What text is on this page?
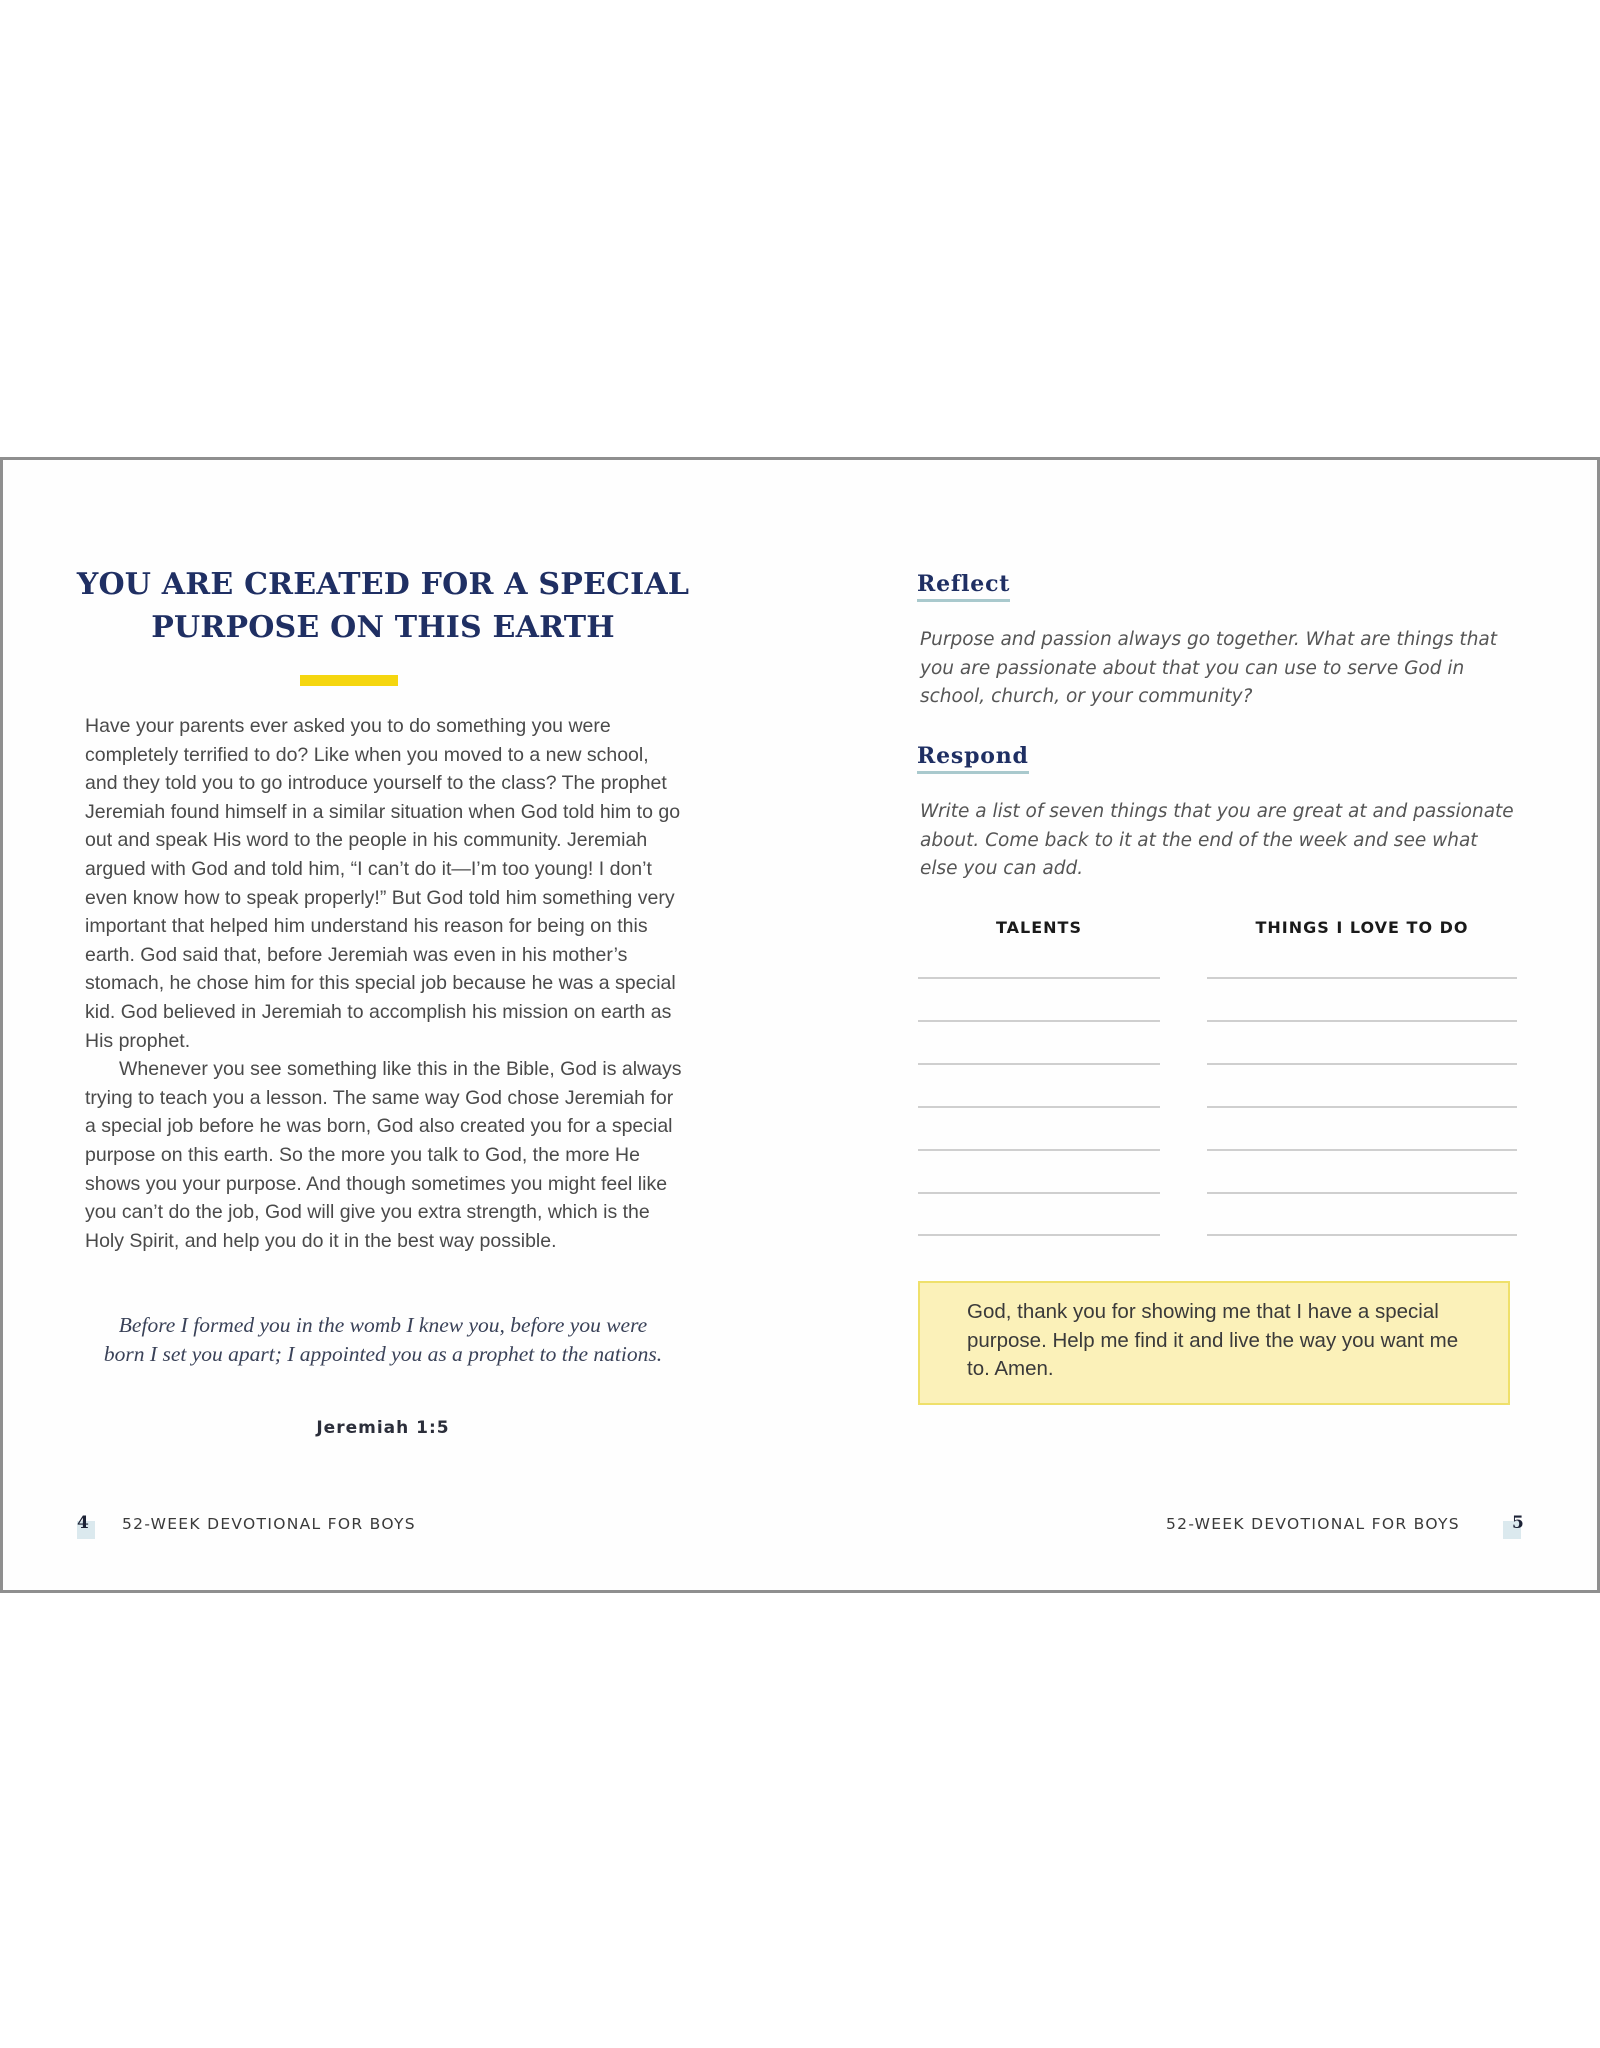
YOU ARE CREATED FOR A SPECIAL
PURPOSE ON THIS EARTH

Have your parents ever asked you to do something you were completely terrified to do? Like when you moved to a new school, and they told you to go introduce yourself to the class? The prophet Jeremiah found himself in a similar situation when God told him to go out and speak His word to the people in his community. Jeremiah argued with God and told him, “I can’t do it—I’m too young! I don’t even know how to speak properly!” But God told him something very important that helped him understand his reason for being on this earth. God said that, before Jeremiah was even in his mother’s stomach, he chose him for this special job because he was a special kid. God believed in Jeremiah to accomplish his mission on earth as His prophet.

Whenever you see something like this in the Bible, God is always trying to teach you a lesson. The same way God chose Jeremiah for a special job before he was born, God also created you for a special purpose on this earth. So the more you talk to God, the more He shows you your purpose. And though sometimes you might feel like you can’t do the job, God will give you extra strength, which is the Holy Spirit, and help you do it in the best way possible.

Before I formed you in the womb I knew you, before you were born I set you apart; I appointed you as a prophet to the nations.
Jeremiah 1:5
4 52-WEEK DEVOTIONAL FOR BOYS
Reflect
Purpose and passion always go together. What are things that you are passionate about that you can use to serve God in school, church, or your community?
Respond
Write a list of seven things that you are great at and passionate about. Come back to it at the end of the week and see what else you can add.
TALENTS	THINGS I LOVE TO DO
God, thank you for showing me that I have a special purpose. Help me find it and live the way you want me to. Amen.
52-WEEK DEVOTIONAL FOR BOYS	5
